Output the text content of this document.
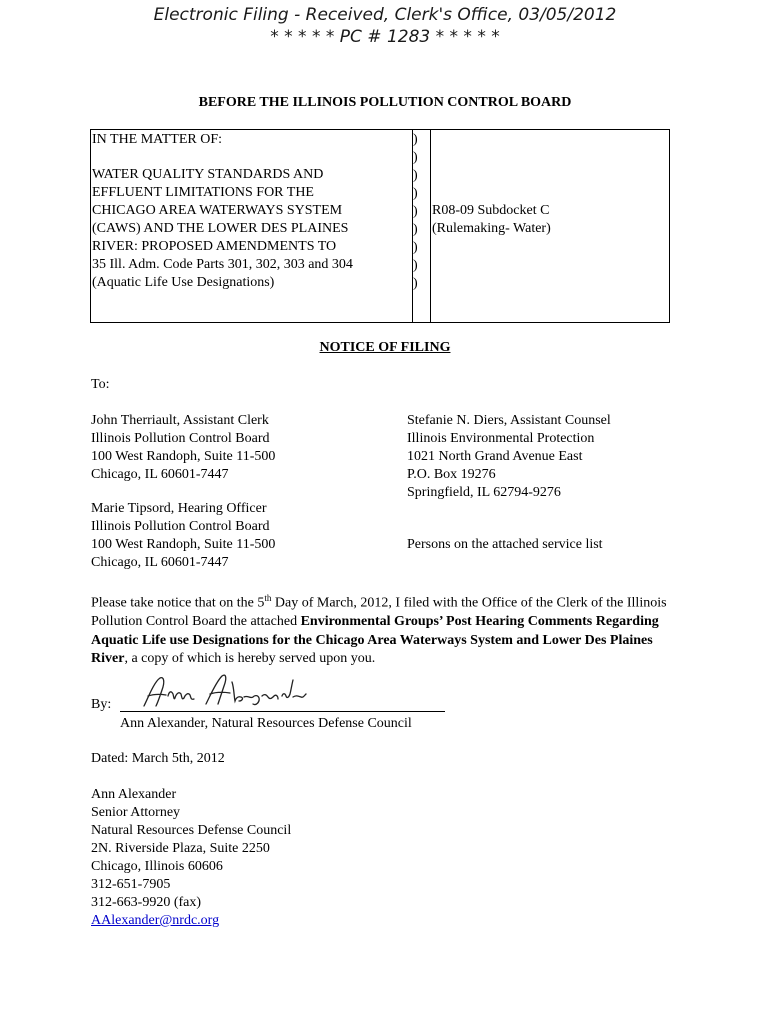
Electronic Filing - Received, Clerk's Office, 03/05/2012
* * * * * PC # 1283 * * * * *
BEFORE THE ILLINOIS POLLUTION CONTROL BOARD
IN THE MATTER OF:
WATER QUALITY STANDARDS AND
EFFLUENT LIMITATIONS FOR THE
CHICAGO AREA WATERWAYS SYSTEM
(CAWS) AND THE LOWER DES PLAINES
RIVER: PROPOSED AMENDMENTS TO
35 Ill. Adm. Code Parts 301, 302, 303 and 304
(Aquatic Life Use Designations)
)
)
)
)
)
)
)
)
)
R08-09 Subdocket C
(Rulemaking- Water)
NOTICE OF FILING
To:
John Therriault, Assistant Clerk
Illinois Pollution Control Board
100 West Randoph, Suite 11-500
Chicago, IL 60601-7447
Stefanie N. Diers, Assistant Counsel
Illinois Environmental Protection
1021 North Grand Avenue East
P.O. Box 19276
Springfield, IL 62794-9276
Marie Tipsord, Hearing Officer
Illinois Pollution Control Board
100 West Randoph, Suite 11-500
Chicago, IL 60601-7447
Persons on the attached service list
Please take notice that on the 5th Day of March, 2012, I filed with the Office of the Clerk of the Illinois Pollution Control Board the attached Environmental Groups’ Post Hearing Comments Regarding Aquatic Life use Designations for the Chicago Area Waterways System and Lower Des Plaines River, a copy of which is hereby served upon you.
By:
Ann Alexander, Natural Resources Defense Council
Dated: March 5th, 2012
Ann Alexander
Senior Attorney
Natural Resources Defense Council
2N. Riverside Plaza, Suite 2250
Chicago, Illinois 60606
312-651-7905
312-663-9920 (fax)
AAlexander@nrdc.org
